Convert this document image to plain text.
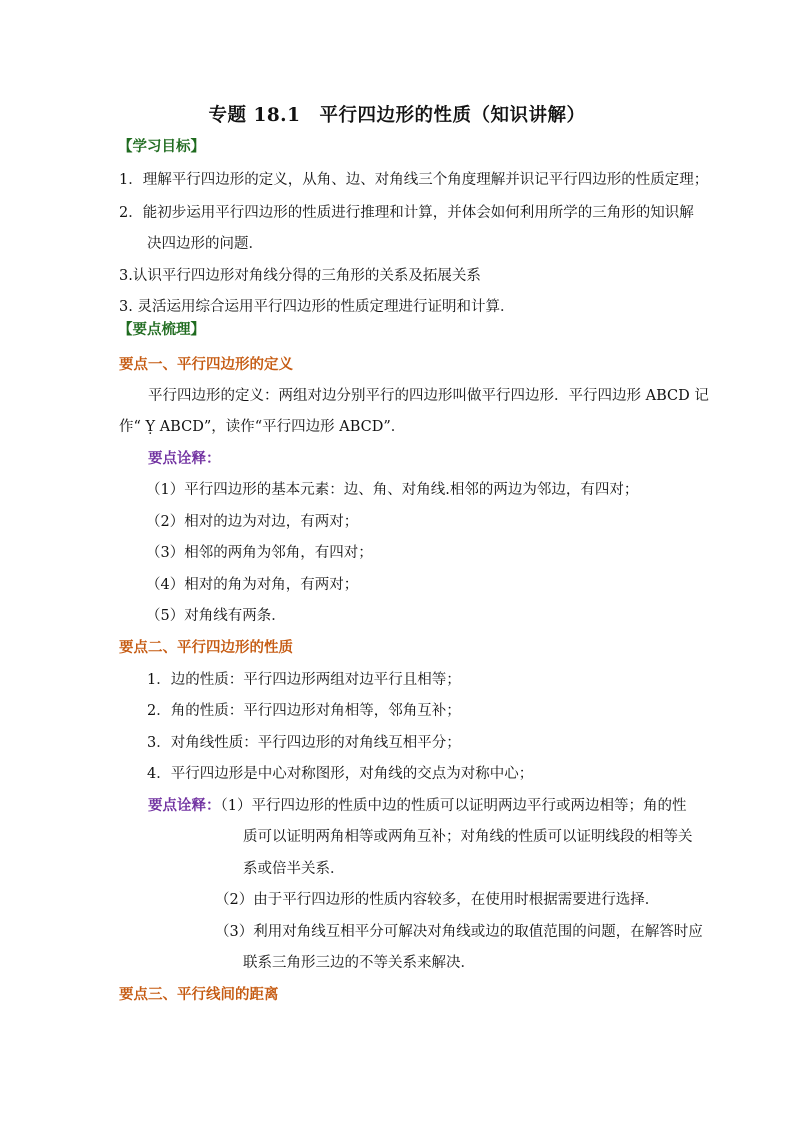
专题 18.1　平行四边形的性质（知识讲解）
【学习目标】
1．理解平行四边形的定义，从角、边、对角线三个角度理解并识记平行四边形的性质定理；
2．能初步运用平行四边形的性质进行推理和计算，并体会如何利用所学的三角形的知识解
决四边形的问题．
3.认识平行四边形对角线分得的三角形的关系及拓展关系
3. 灵活运用综合运用平行四边形的性质定理进行证明和计算．
【要点梳理】
要点一、平行四边形的定义
平行四边形的定义：两组对边分别平行的四边形叫做平行四边形．平行四边形 ABCD 记
作“ Ỵ ABCD”，读作“平行四边形 ABCD”．
要点诠释：
（1）平行四边形的基本元素：边、角、对角线.相邻的两边为邻边，有四对；
（2）相对的边为对边，有两对；
（3）相邻的两角为邻角，有四对；
（4）相对的角为对角，有两对；
（5）对角线有两条．
要点二、平行四边形的性质
1．边的性质：平行四边形两组对边平行且相等；
2．角的性质：平行四边形对角相等，邻角互补；
3．对角线性质：平行四边形的对角线互相平分；
4．平行四边形是中心对称图形，对角线的交点为对称中心；
要点诠释：（1）平行四边形的性质中边的性质可以证明两边平行或两边相等；角的性
质可以证明两角相等或两角互补；对角线的性质可以证明线段的相等关
系或倍半关系．
（2）由于平行四边形的性质内容较多，在使用时根据需要进行选择．
（3）利用对角线互相平分可解决对角线或边的取值范围的问题，在解答时应
联系三角形三边的不等关系来解决．
要点三、平行线间的距离
